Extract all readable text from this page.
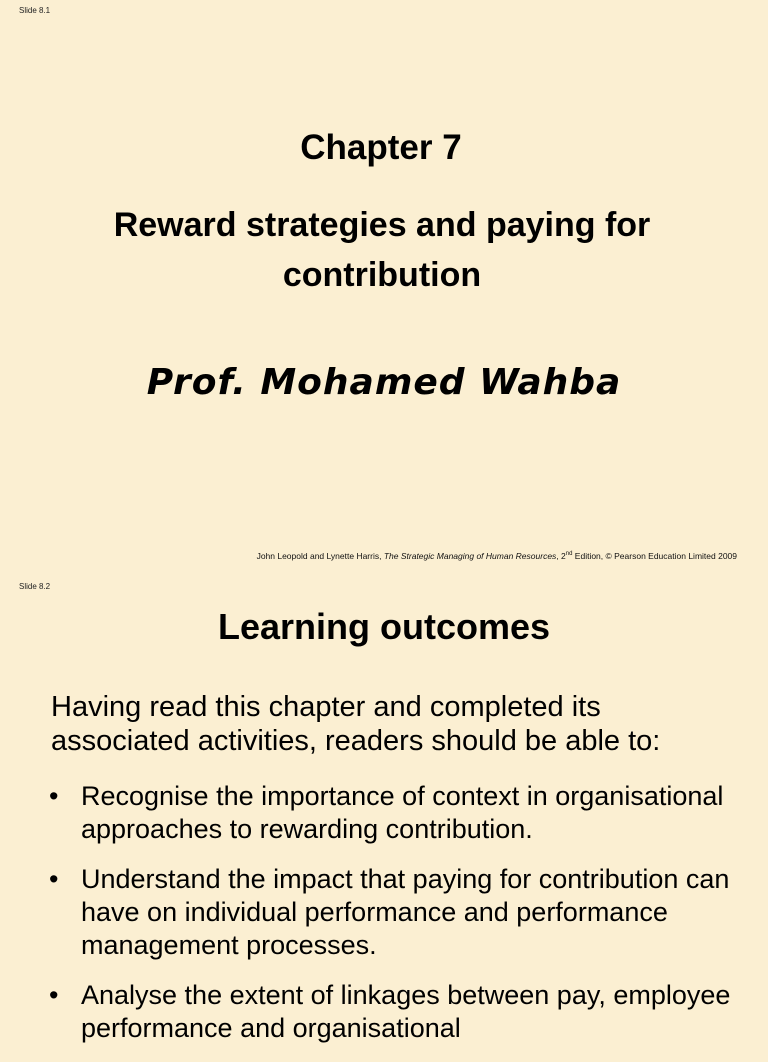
Slide 8.1
Chapter 7
Reward strategies and paying for contribution
Prof. Mohamed Wahba
John Leopold and Lynette Harris, The Strategic Managing of Human Resources, 2nd Edition, © Pearson Education Limited 2009
Slide 8.2
Learning outcomes
Having read this chapter and completed its associated activities, readers should be able to:
• Recognise the importance of context in organisational approaches to rewarding contribution.
• Understand the impact that paying for contribution can have on individual performance and performance management processes.
• Analyse the extent of linkages between pay, employee performance and organisational
